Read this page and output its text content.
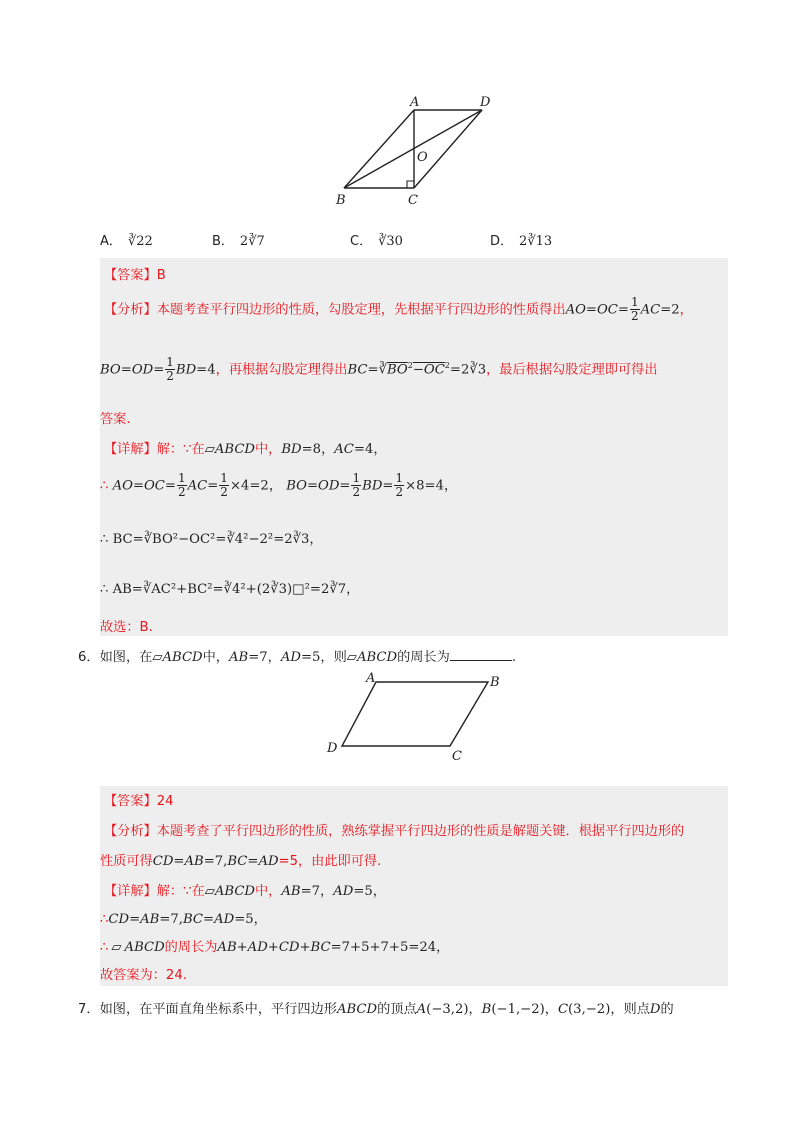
A	D
O
B	C
A． ∛22	B． 2∛7	C． ∛30	D． 2∛13
【答案】B
【分析】本题考查平行四边形的性质，勾股定理，先根据平行四边形的性质得出$AO=OC= \frac{1}{2} AC=2$，
$BO=OD= \frac{1}{2} BD=4$，再根据勾股定理得出$BC=∛\overline{BO}^2-\overline{OC}^2=2∛3$，最后根据勾股定理即可得出
答案.
【详解】解：∵在▱ABCD中，BD=8，AC=4，
∴ $AO=OC= \frac{1}{2} AC= \frac{1}{2} \times 4=2$， $BO=OD= \frac{1}{2} BD= \frac{1}{2} \times 8=4$，
∴ BC=∛BO²−OC²=∛4²−2²=2∛3，
∴ AB=∛AC²+BC²=∛4²+(2∛3)□²=2∛7，
故选：B.
6．如图，在▱ABCD中，AB=7，AD=5，则▱ABCD的周长为	.
A	B
D
C
【答案】24
【分析】本题考查了平行四边形的性质，熟练掌握平行四边形的性质是解题关键．根据平行四边形的
性质可得CD=AB=7,BC=AD=5，由此即可得.
【详解】解：∵在▱ABCD中，AB=7，AD=5，
∴CD=AB=7,BC=AD=5，
∴ ▱ ABCD的周长为AB+AD+CD+BC=7+5+7+5=24，
故答案为：24.
7．如图，在平面直角坐标系中，平行四边形ABCD的顶点A(−3,2)，B(−1,−2)，C(3,−2)，则点D的
